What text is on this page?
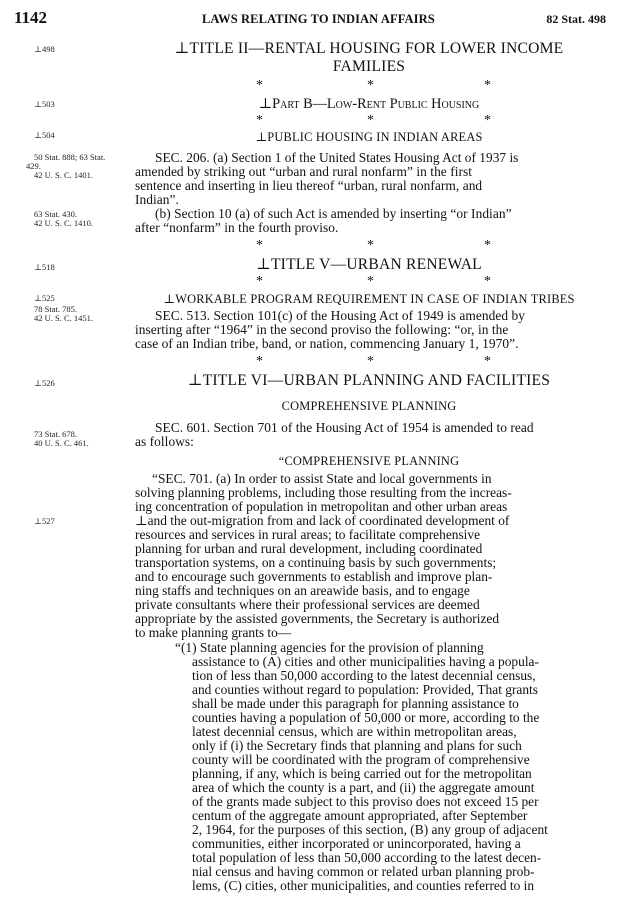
1142	LAWS RELATING TO INDIAN AFFAIRS	82 Stat. 498
⊥498
⊥503
⊥504
50 Stat. 888; 63 Stat.
429.
42 U. S. C. 1401.
63 Stat. 430.
42 U. S. C. 1410.
⊥518
⊥525
78 Stat. 785.
42 U. S. C. 1451.
⊥526
73 Stat. 678.
40 U. S. C. 461.
⊥527
⊥TITLE II—RENTAL HOUSING FOR LOWER INCOME
FAMILIES
*	*	*
⊥Part B—Low-Rent Public Housing
*	*	*
⊥PUBLIC HOUSING IN INDIAN AREAS
SEC. 206. (a) Section 1 of the United States Housing Act of 1937 is
amended by striking out “urban and rural nonfarm” in the first
sentence and inserting in lieu thereof “urban, rural nonfarm, and
Indian”.
(b) Section 10 (a) of such Act is amended by inserting “or Indian”
after “nonfarm” in the fourth proviso.
*	*	*
⊥TITLE V—URBAN RENEWAL
*	*	*
⊥WORKABLE PROGRAM REQUIREMENT IN CASE OF INDIAN TRIBES
SEC. 513. Section 101(c) of the Housing Act of 1949 is amended by
inserting after “1964” in the second proviso the following: “or, in the
case of an Indian tribe, band, or nation, commencing January 1, 1970”.
*	*	*
⊥TITLE VI—URBAN PLANNING AND FACILITIES
COMPREHENSIVE PLANNING
SEC. 601. Section 701 of the Housing Act of 1954 is amended to read
as follows:
“COMPREHENSIVE PLANNING
“SEC. 701. (a) In order to assist State and local governments in
solving planning problems, including those resulting from the increas-
ing concentration of population in metropolitan and other urban areas
⊥and the out-migration from and lack of coordinated development of
resources and services in rural areas; to facilitate comprehensive
planning for urban and rural development, including coordinated
transportation systems, on a continuing basis by such governments;
and to encourage such governments to establish and improve plan-
ning staffs and techniques on an areawide basis, and to engage
private consultants where their professional services are deemed
appropriate by the assisted governments, the Secretary is authorized
to make planning grants to—
“(1) State planning agencies for the provision of planning
assistance to (A) cities and other municipalities having a popula-
tion of less than 50,000 according to the latest decennial census,
and counties without regard to population: Provided, That grants
shall be made under this paragraph for planning assistance to
counties having a population of 50,000 or more, according to the
latest decennial census, which are within metropolitan areas,
only if (i) the Secretary finds that planning and plans for such
county will be coordinated with the program of comprehensive
planning, if any, which is being carried out for the metropolitan
area of which the county is a part, and (ii) the aggregate amount
of the grants made subject to this proviso does not exceed 15 per
centum of the aggregate amount appropriated, after September
2, 1964, for the purposes of this section, (B) any group of adjacent
communities, either incorporated or unincorporated, having a
total population of less than 50,000 according to the latest decen-
nial census and having common or related urban planning prob-
lems, (C) cities, other municipalities, and counties referred to in
